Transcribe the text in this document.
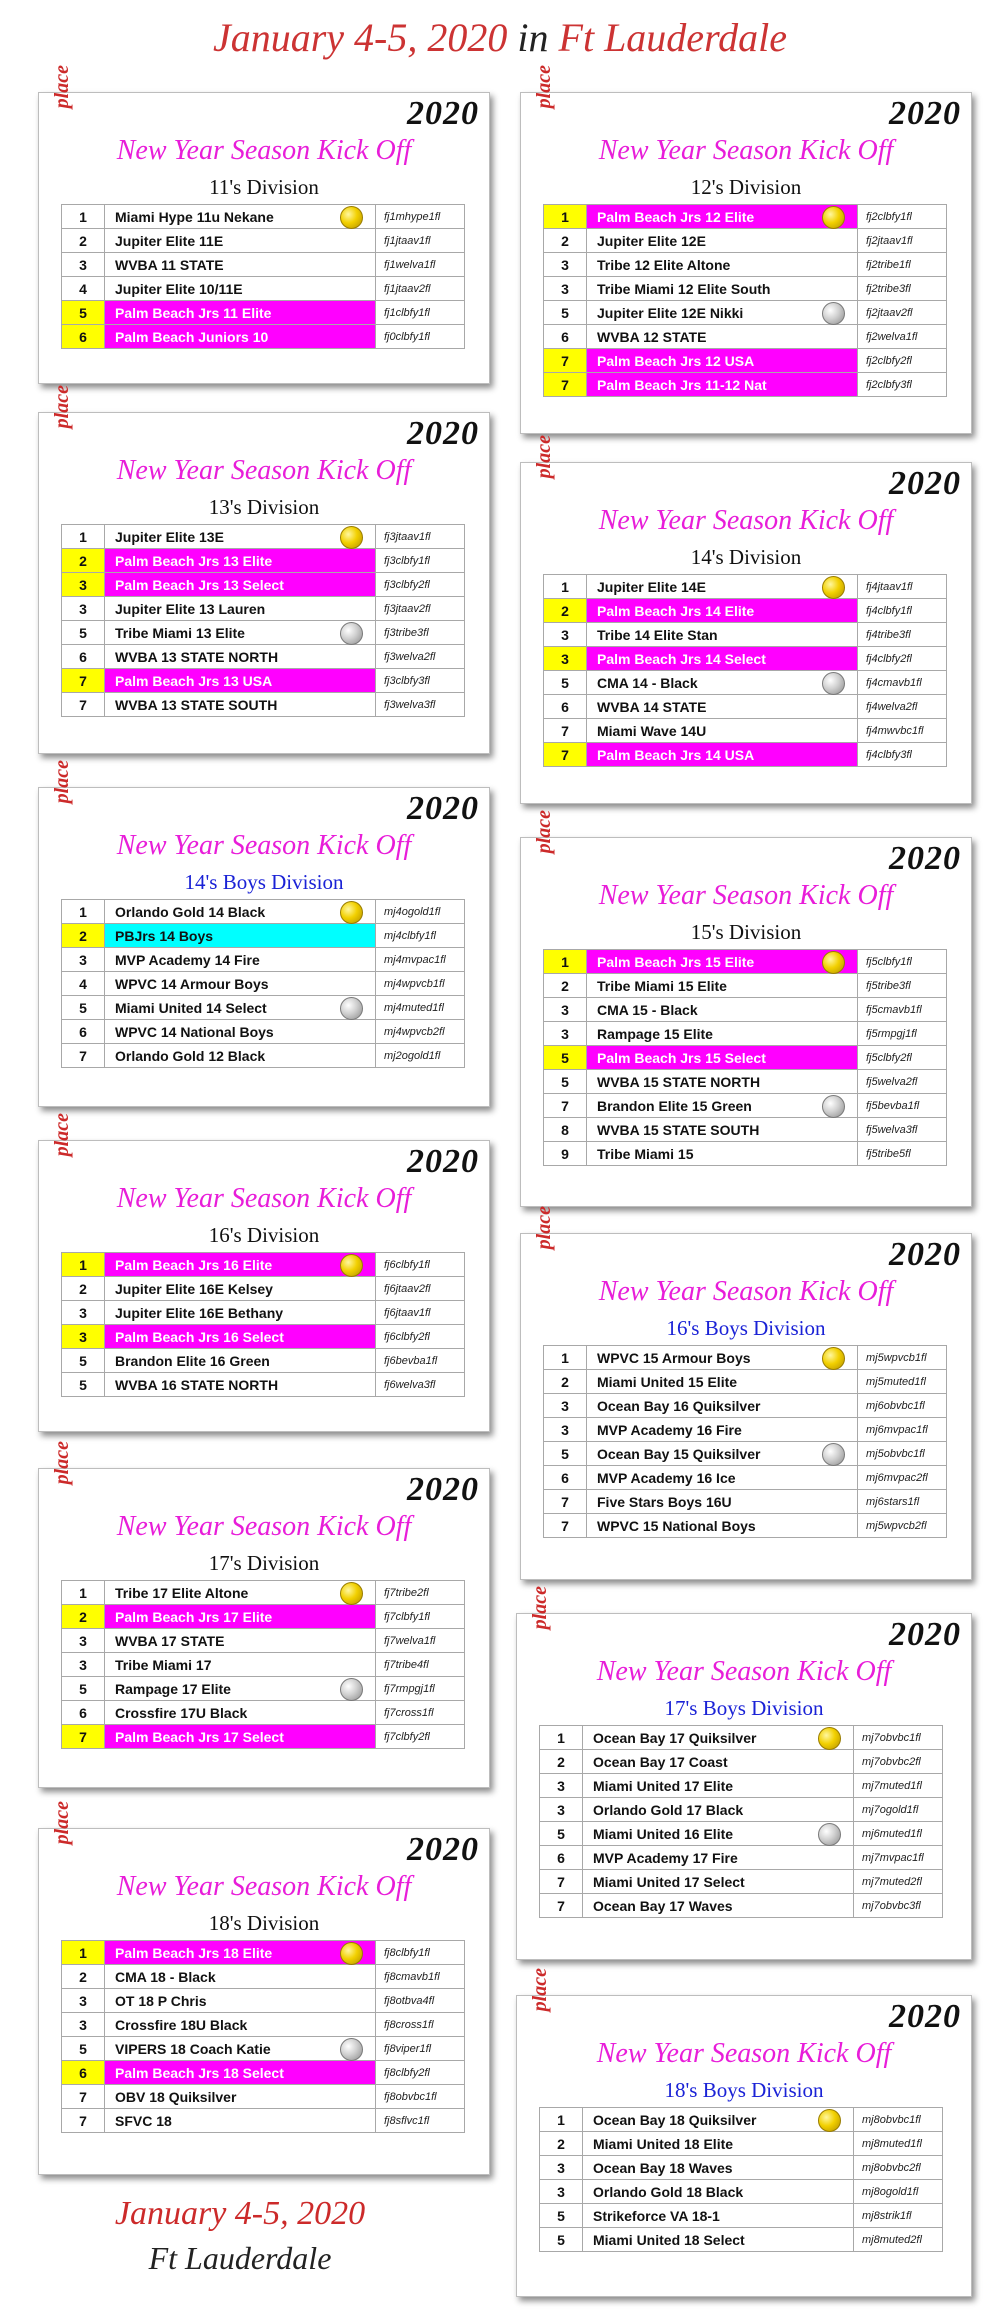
January 4-5, 2020 in Ft Lauderdale
2020
place
New Year Season Kick Off
11's Division
1	Miami Hype 11u Nekane	fj1mhype1fl
2	Jupiter Elite 11E	fj1jtaav1fl
3	WVBA 11 STATE	fj1welva1fl
4	Jupiter Elite 10/11E	fj1jtaav2fl
5	Palm Beach Jrs 11 Elite	fj1clbfy1fl
6	Palm Beach Juniors 10	fj0clbfy1fl
2020
place
New Year Season Kick Off
12's Division
1	Palm Beach Jrs 12 Elite	fj2clbfy1fl
2	Jupiter Elite 12E	fj2jtaav1fl
3	Tribe 12 Elite Altone	fj2tribe1fl
3	Tribe Miami 12 Elite South	fj2tribe3fl
5	Jupiter Elite 12E Nikki	fj2jtaav2fl
6	WVBA 12 STATE	fj2welva1fl
7	Palm Beach Jrs 12 USA	fj2clbfy2fl
7	Palm Beach Jrs 11-12 Nat	fj2clbfy3fl
2020
place
New Year Season Kick Off
13's Division
1	Jupiter Elite 13E	fj3jtaav1fl
2	Palm Beach Jrs 13 Elite	fj3clbfy1fl
3	Palm Beach Jrs 13 Select	fj3clbfy2fl
3	Jupiter Elite 13 Lauren	fj3jtaav2fl
5	Tribe Miami 13 Elite	fj3tribe3fl
6	WVBA 13 STATE NORTH	fj3welva2fl
7	Palm Beach Jrs 13 USA	fj3clbfy3fl
7	WVBA 13 STATE SOUTH	fj3welva3fl
2020
place
New Year Season Kick Off
14's Division
1	Jupiter Elite 14E	fj4jtaav1fl
2	Palm Beach Jrs 14 Elite	fj4clbfy1fl
3	Tribe 14 Elite Stan	fj4tribe3fl
3	Palm Beach Jrs 14 Select	fj4clbfy2fl
5	CMA 14 - Black	fj4cmavb1fl
6	WVBA 14 STATE	fj4welva2fl
7	Miami Wave 14U	fj4mwvbc1fl
7	Palm Beach Jrs 14 USA	fj4clbfy3fl
2020
place
New Year Season Kick Off
14's Boys Division
1	Orlando Gold 14 Black	mj4ogold1fl
2	PBJrs 14 Boys	mj4clbfy1fl
3	MVP Academy 14 Fire	mj4mvpac1fl
4	WPVC 14 Armour Boys	mj4wpvcb1fl
5	Miami United 14 Select	mj4muted1fl
6	WPVC 14 National Boys	mj4wpvcb2fl
7	Orlando Gold 12 Black	mj2ogold1fl
2020
place
New Year Season Kick Off
15's Division
1	Palm Beach Jrs 15 Elite	fj5clbfy1fl
2	Tribe Miami 15 Elite	fj5tribe3fl
3	CMA 15 - Black	fj5cmavb1fl
3	Rampage 15 Elite	fj5rmpgj1fl
5	Palm Beach Jrs 15 Select	fj5clbfy2fl
5	WVBA 15 STATE NORTH	fj5welva2fl
7	Brandon Elite 15 Green	fj5bevba1fl
8	WVBA 15 STATE SOUTH	fj5welva3fl
9	Tribe Miami 15	fj5tribe5fl
2020
place
New Year Season Kick Off
16's Division
1	Palm Beach Jrs 16 Elite	fj6clbfy1fl
2	Jupiter Elite 16E Kelsey	fj6jtaav2fl
3	Jupiter Elite 16E Bethany	fj6jtaav1fl
3	Palm Beach Jrs 16 Select	fj6clbfy2fl
5	Brandon Elite 16 Green	fj6bevba1fl
5	WVBA 16 STATE NORTH	fj6welva3fl
2020
place
New Year Season Kick Off
16's Boys Division
1	WPVC 15 Armour Boys	mj5wpvcb1fl
2	Miami United 15 Elite	mj5muted1fl
3	Ocean Bay 16 Quiksilver	mj6obvbc1fl
3	MVP Academy 16 Fire	mj6mvpac1fl
5	Ocean Bay 15 Quiksilver	mj5obvbc1fl
6	MVP Academy 16 Ice	mj6mvpac2fl
7	Five Stars Boys 16U	mj6stars1fl
7	WPVC 15 National Boys	mj5wpvcb2fl
2020
place
New Year Season Kick Off
17's Division
1	Tribe 17 Elite Altone	fj7tribe2fl
2	Palm Beach Jrs 17 Elite	fj7clbfy1fl
3	WVBA 17 STATE	fj7welva1fl
3	Tribe Miami 17	fj7tribe4fl
5	Rampage 17 Elite	fj7rmpgj1fl
6	Crossfire 17U Black	fj7cross1fl
7	Palm Beach Jrs 17 Select	fj7clbfy2fl
2020
place
New Year Season Kick Off
17's Boys Division
1	Ocean Bay 17 Quiksilver	mj7obvbc1fl
2	Ocean Bay 17 Coast	mj7obvbc2fl
3	Miami United 17 Elite	mj7muted1fl
3	Orlando Gold 17 Black	mj7ogold1fl
5	Miami United 16 Elite	mj6muted1fl
6	MVP Academy 17 Fire	mj7mvpac1fl
7	Miami United 17 Select	mj7muted2fl
7	Ocean Bay 17 Waves	mj7obvbc3fl
2020
place
New Year Season Kick Off
18's Division
1	Palm Beach Jrs 18 Elite	fj8clbfy1fl
2	CMA 18 - Black	fj8cmavb1fl
3	OT 18 P Chris	fj8otbva4fl
3	Crossfire 18U Black	fj8cross1fl
5	VIPERS 18 Coach Katie	fj8viper1fl
6	Palm Beach Jrs 18 Select	fj8clbfy2fl
7	OBV 18 Quiksilver	fj8obvbc1fl
7	SFVC 18	fj8sflvc1fl
2020
place
New Year Season Kick Off
18's Boys Division
1	Ocean Bay 18 Quiksilver	mj8obvbc1fl
2	Miami United 18 Elite	mj8muted1fl
3	Ocean Bay 18 Waves	mj8obvbc2fl
3	Orlando Gold 18 Black	mj8ogold1fl
5	Strikeforce VA 18-1	mj8strik1fl
5	Miami United 18 Select	mj8muted2fl
January 4-5, 2020
Ft Lauderdale
